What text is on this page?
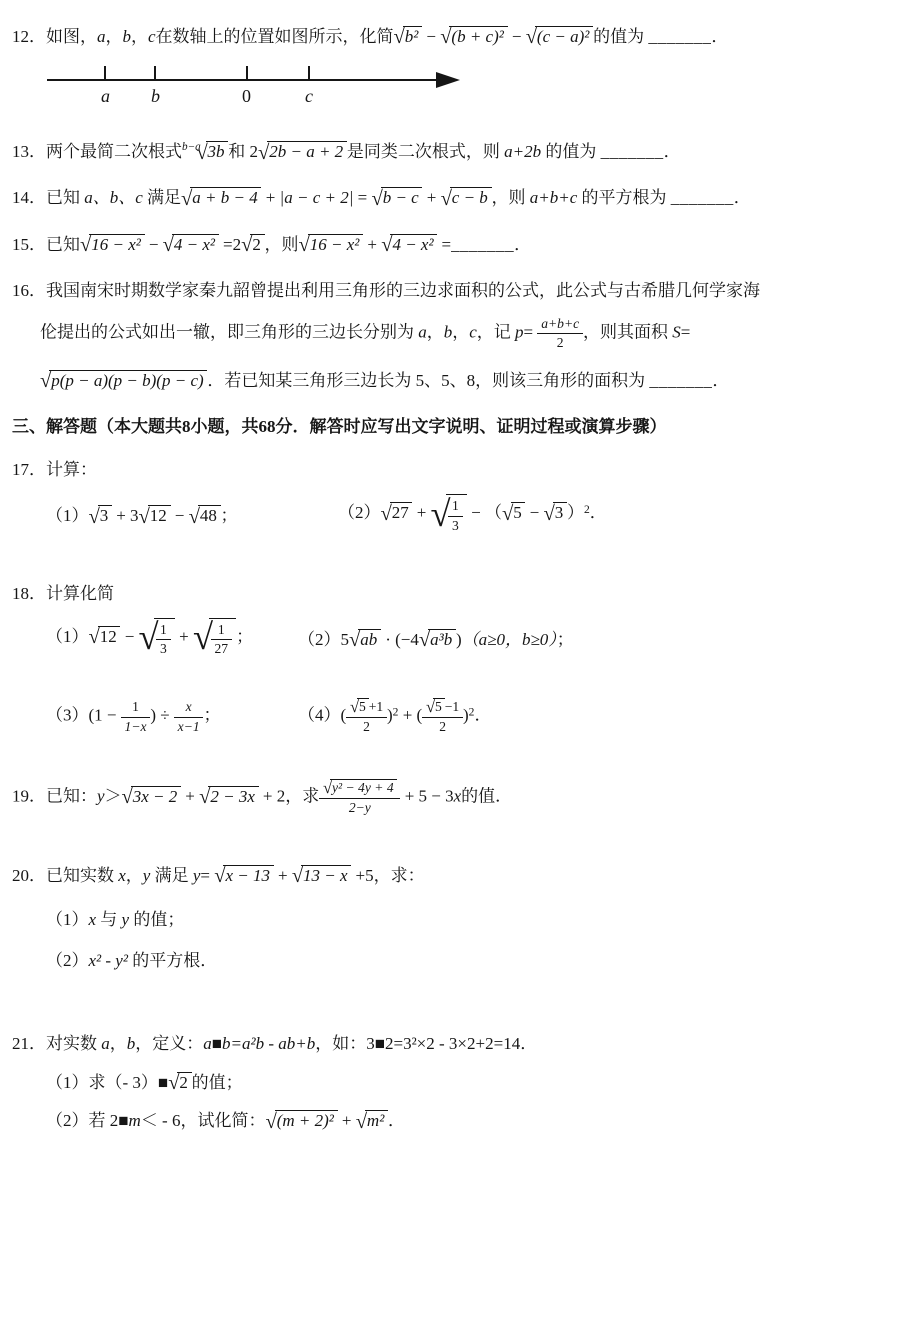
12．如图，a，b，c在数轴上的位置如图所示，化简√b² − √(b + c)² − √(c − a)² 的值为 _______．

a b	0	c

13．两个最简二次根式$^{b-a}$√3b 和 2√2b − a + 2 是同类二次根式，则 a+2b 的值为 _______．

14．已知 a、b、c 满足√a + b − 4 + |a − c + 2| = √b − c + √c − b ，则 a+b+c 的平方根为 _______．

15．已知√16 − x² − √4 − x² =2√2 ，则√16 − x² + √4 − x² =_______．

16．我国南宋时期数学家秦九韶曾提出利用三角形的三边求面积的公式，此公式与古希腊几何学家海

伦提出的公式如出一辙，即三角形的三边长分别为 a，b，c，记 $p= \frac{a+b+c}{2}$ ，则其面积 S=

√p(p − a)(p − b)(p − c) ．若已知某三角形三边长为 5、5、8，则该三角形的面积为 _______．

三、解答题（本大题共8小题，共68分．解答时应写出文字说明、证明过程或演算步骤）

17．计算：

（1）√3 + 3√12 − √48 ；	（2）√27 + √
$\frac{1}{3} - (√5 - √3$ ）$^2$．

18．计算化简

（1）√12 − √
$\frac{1}{3}$ + √
$\frac{1}{27}$ ；	（2）5√ab · (−4√a³b )（a≥0，b≥0）；

$(3)(1 - \frac{1}{1-x}$ ) ÷ $\frac{x}{x-1}$ ；	$(4)( \frac{√5 +1}{2} )^2$ + ( $\frac{√5 -1}{2} )^2$．

19．已知：y＞√3x − 2 + √2 − 3x + 2，求 $\frac{\text{√y² − 4y + 4}}{2-y} + 5 - 3x$的值．

20．已知实数 x，y 满足 y= √x − 13 + √13 − x +5，求：

（1）x 与 y 的值；

（2）x² - y² 的平方根．

21．对实数 a，b，定义：a■b=a²b - ab+b，如：3■2=3²×2 - 3×2+2=14．

（1）求（- 3）■√2 的值；

（2）若 2■m＜ - 6，试化简：√(m + 2)² + √m² ．
